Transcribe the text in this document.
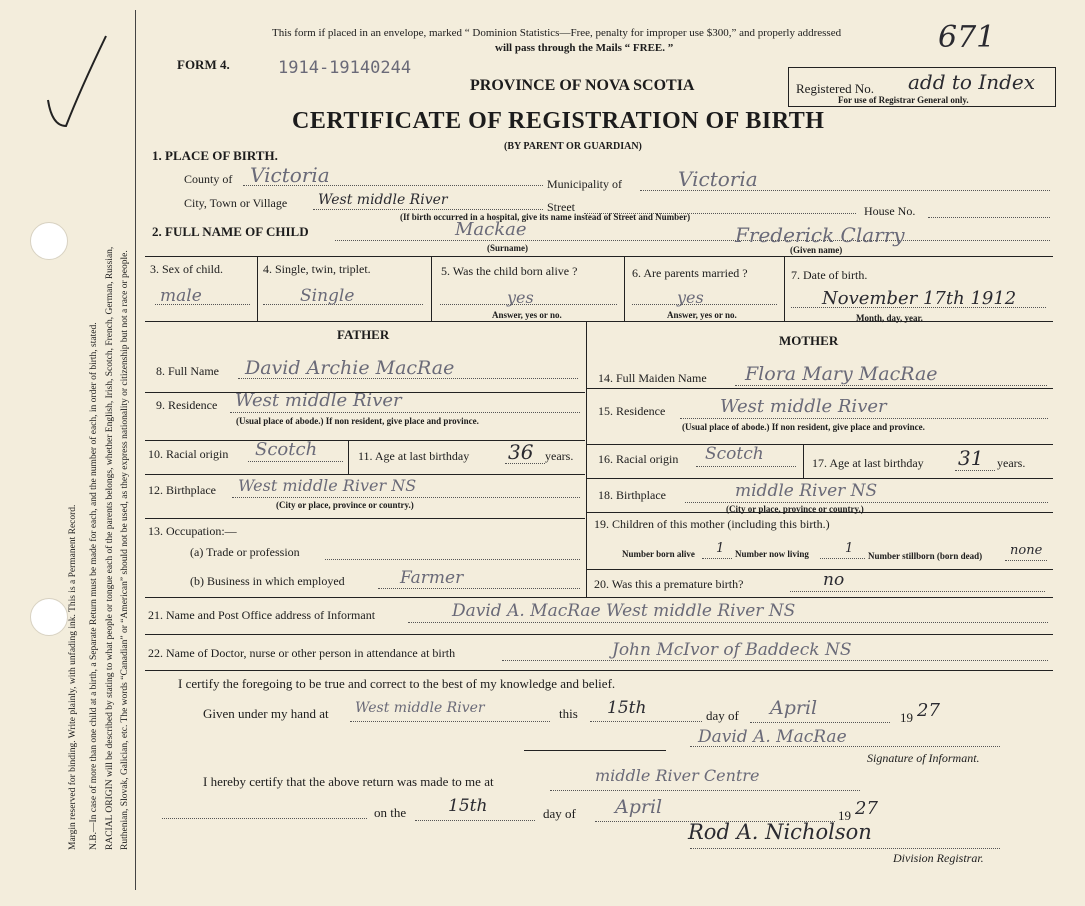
Margin reserved for binding. Write plainly, with unfading ink. This is a Permanent Record. N.B.—In case of more than one child at a birth, a Separate Return must be made for each, and the number of each, in order of birth, stated. RACIAL ORIGIN will be described by stating to what people or tongue each of the parents belongs, whether English, Irish, Scotch, French, German, Russian, Ruthenian, Slovak, Galician, etc. The words “Canadian” or “American” should not be used, as they express nationality or citizenship but not a race or people.
This form if placed in an envelope, marked “ Dominion Statistics—Free, penalty for improper use $300,” and properly addressed
will pass through the Mails “ FREE. ”	671
FORM 4.	1914-19140244
PROVINCE OF NOVA SCOTIA	Registered No. add to Index
For use of Registrar General only.
CERTIFICATE OF REGISTRATION OF BIRTH
(BY PARENT OR GUARDIAN)
1. PLACE OF BIRTH.
County of Victoria	Municipality of	Victoria
City, Town or Village West middle River	Street	House No.
(If birth occurred in a hospital, give its name instead of Street and Number)
2. FULL NAME OF CHILD	Mackae	Frederick Clarry
(Surname)	(Given name)
3. Sex of child.
male
4. Single, twin, triplet.
Single
5. Was the child born alive ?
yes
Answer, yes or no.
6. Are parents married ?
yes
Answer, yes or no.
7. Date of birth.
November 17th 1912
Month, day, year.
FATHER	MOTHER
8. Full Name David Archie MacRae
9. Residence West middle River
(Usual place of abode.) If non resident, give place and province.
10. Racial origin Scotch	11. Age at last birthday 36 years.
12. Birthplace West middle River NS
(City or place, province or country.)
13. Occupation:—
(a) Trade or profession
(b) Business in which employed	Farmer
14. Full Maiden Name Flora Mary MacRae
15. Residence	West middle River
(Usual place of abode.) If non resident, give place and province.
16. Racial origin Scotch	17. Age at last birthday 31 years.
18. Birthplace	middle River NS
(City or place, province or country.)
19. Children of this mother (including this birth.)
Number born alive 1 Number now living	1 Number stillborn (born dead) none
20. Was this a premature birth?	no
21. Name and Post Office address of Informant	David A. MacRae West middle River NS
22. Name of Doctor, nurse or other person in attendance at birth	John McIvor of Baddeck NS
I certify the foregoing to be true and correct to the best of my knowledge and belief.
Given under my hand at West middle River	this 15th	day of April	19 27
David A. MacRae
Signature of Informant.
I hereby certify that the above return was made to me at	middle River Centre
on the 15th	day of April	19 27
Rod A. Nicholson
Division Registrar.
